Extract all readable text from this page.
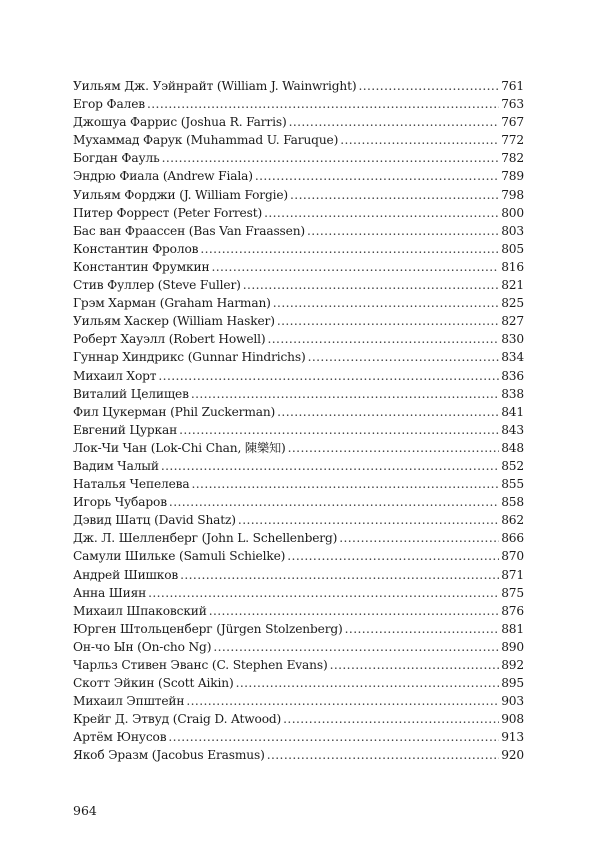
Уильям Дж. Уэйнрайт (William J. Wainwright) .....	761
Егор Фалев .....	763
Джошуа Фаррис (Joshua R. Farris) .....	767
Мухаммад Фарук (Muhammad U. Faruque) .....	772
Богдан Фауль .....	782
Эндрю Фиала (Andrew Fiala) .....	789
Уильям Форджи (J. William Forgie) .....	798
Питер Форрест (Peter Forrest) .....	800
Бас ван Фраассен (Bas Van Fraassen) .....	803
Константин Фролов .....	805
Константин Фрумкин .....	816
Стив Фуллер (Steve Fuller) .....	821
Грэм Харман (Graham Harman) .....	825
Уильям Хаскер (William Hasker) .....	827
Роберт Хауэлл (Robert Howell) .....	830
Гуннар Хиндрикс (Gunnar Hindrichs) .....	834
Михаил Хорт .....	836
Виталий Целищев .....	838
Фил Цукерман (Phil Zuckerman) .....	841
Евгений Цуркан .....	843
Лок-Чи Чан (Lok-Chi Chan, 陳樂知) .....	848
Вадим Чалый .....	852
Наталья Чепелева .....	855
Игорь Чубаров .....	858
Дэвид Шатц (David Shatz) .....	862
Дж. Л. Шелленберг (John L. Schellenberg) .....	866
Самули Шильке (Samuli Schielke) .....	870
Андрей Шишков .....	871
Анна Шиян .....	875
Михаил Шпаковский .....	876
Юрген Штольценберг (Jürgen Stolzenberg) .....	881
Он-чо Ын (On-cho Ng) .....	890
Чарльз Стивен Эванс (C. Stephen Evans) .....	892
Скотт Эйкин (Scott Aikin) .....	895
Михаил Эпштейн .....	903
Крейг Д. Этвуд (Craig D. Atwood) .....	908
Артём Юнусов .....	913
Якоб Эразм (Jacobus Erasmus) .....	920
964
